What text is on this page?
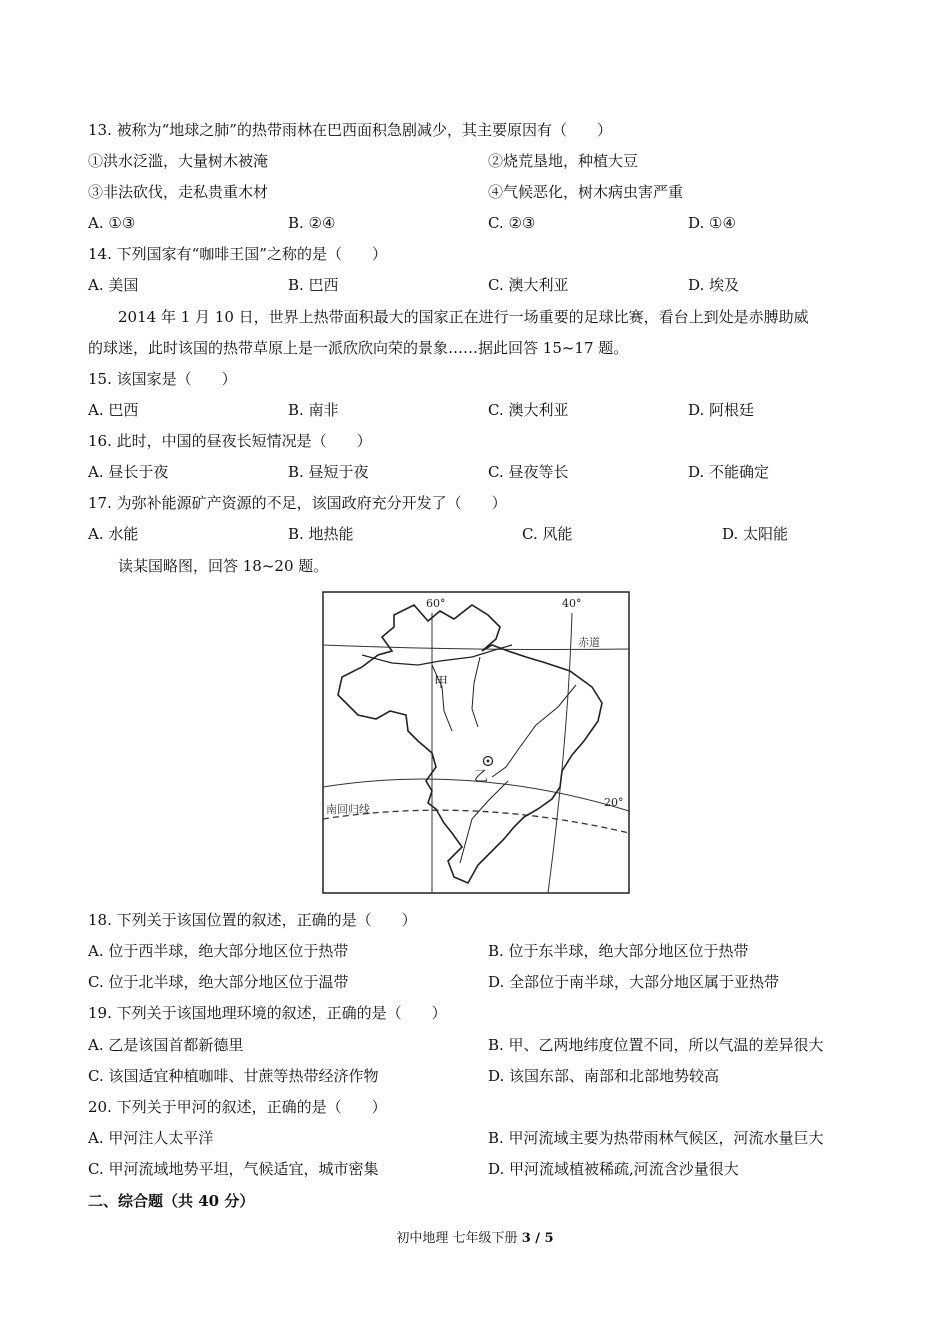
13. 被称为“地球之肺”的热带雨林在巴西面积急剧减少，其主要原因有（　　）
①洪水泛滥，大量树木被淹	②烧荒垦地，种植大豆
③非法砍伐，走私贵重木材	④气候恶化，树木病虫害严重
A. ①③	B. ②④	C. ②③	D. ①④
14. 下列国家有“咖啡王国”之称的是（　　）
A. 美国	B. 巴西	C. 澳大利亚	D. 埃及
2014 年 1 月 10 日，世界上热带面积最大的国家正在进行一场重要的足球比赛，看台上到处是赤膊助威
的球迷，此时该国的热带草原上是一派欣欣向荣的景象……据此回答 15~17 题。
15. 该国家是（　　）
A. 巴西	B. 南非	C. 澳大利亚	D. 阿根廷
16. 此时，中国的昼夜长短情况是（　　）
A. 昼长于夜	B. 昼短于夜	C. 昼夜等长	D. 不能确定
17. 为弥补能源矿产资源的不足，该国政府充分开发了（　　）
A. 水能	B. 地热能	C. 风能	D. 太阳能
读某国略图，回答 18~20 题。
60°	40°
赤道
甲
乙
南回归线
20°
18. 下列关于该国位置的叙述，正确的是（　　）
A. 位于西半球，绝大部分地区位于热带	B. 位于东半球，绝大部分地区位于热带
C. 位于北半球，绝大部分地区位于温带	D. 全部位于南半球，大部分地区属于亚热带
19. 下列关于该国地理环境的叙述，正确的是（　　）
A. 乙是该国首都新德里	B. 甲、乙两地纬度位置不同，所以气温的差异很大
C. 该国适宜种植咖啡、甘蔗等热带经济作物	D. 该国东部、南部和北部地势较高
20. 下列关于甲河的叙述，正确的是（　　）
A. 甲河注人太平洋	B. 甲河流域主要为热带雨林气候区，河流水量巨大
C. 甲河流域地势平坦，气候适宜，城市密集	D. 甲河流域植被稀疏,河流含沙量很大
二、综合题（共 40 分）
初中地理 七年级下册 3 / 5
